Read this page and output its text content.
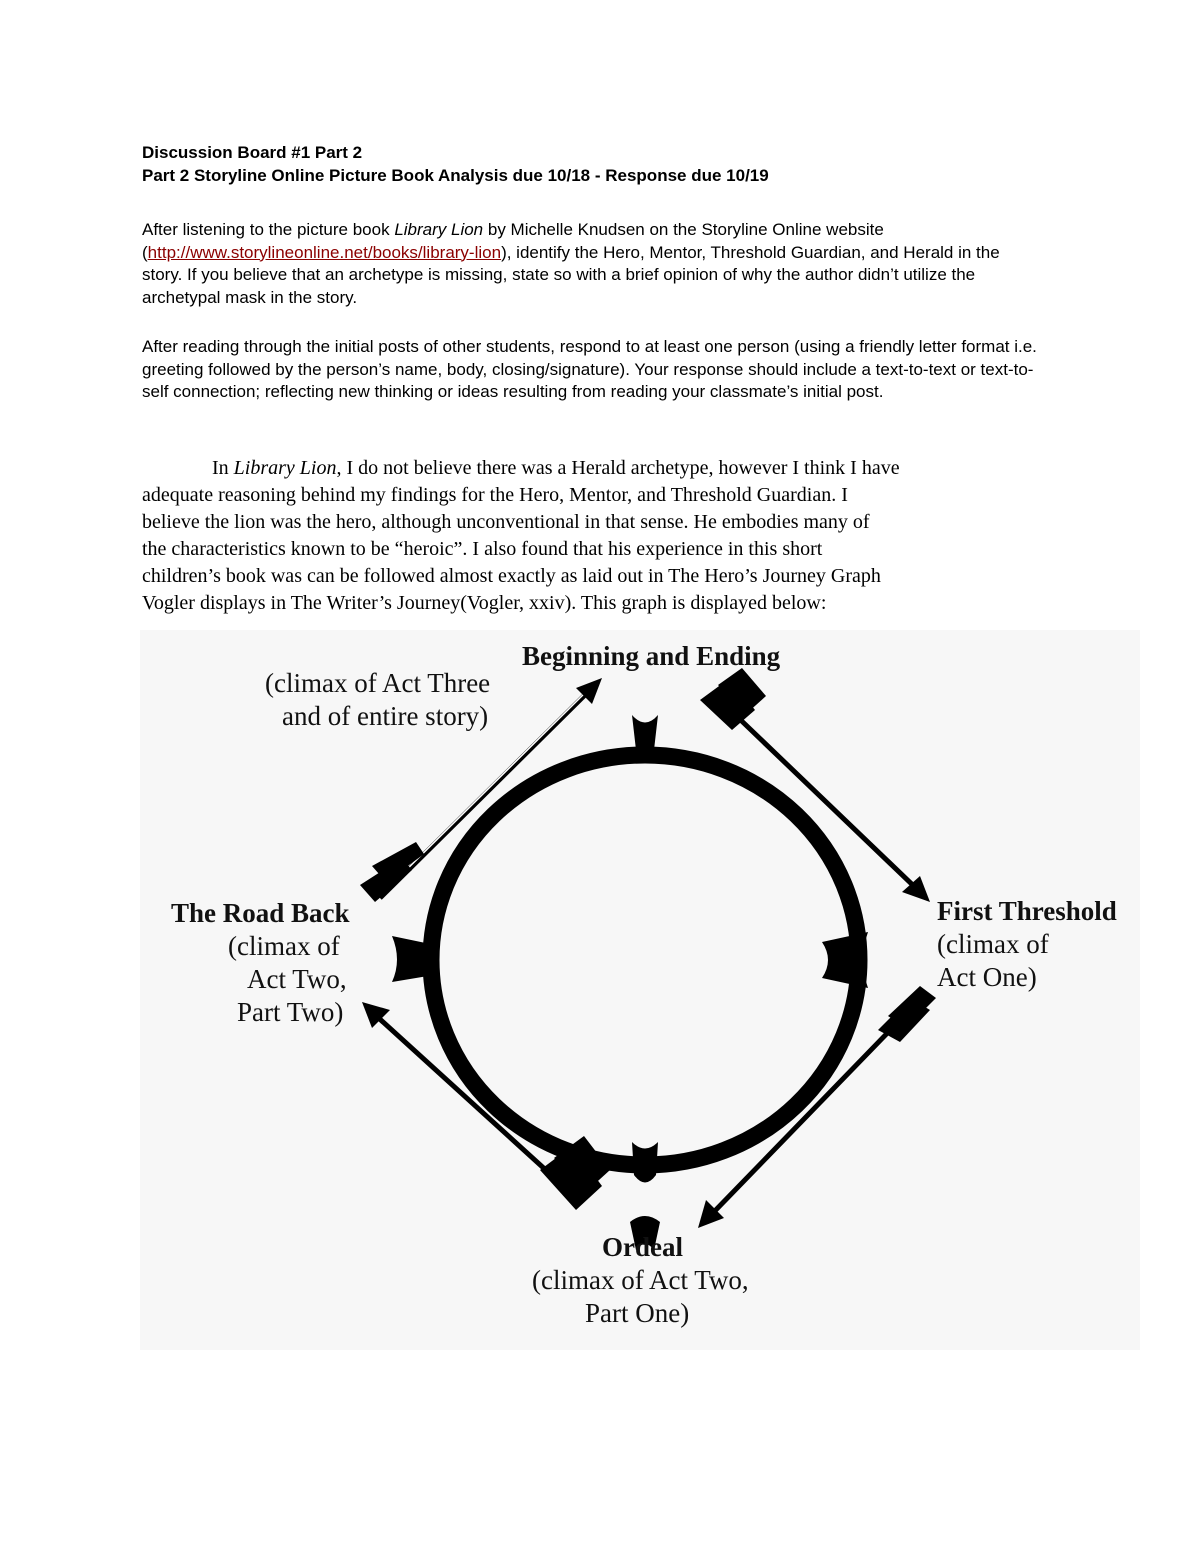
Discussion Board #1 Part 2
Part 2 Storyline Online Picture Book Analysis due 10/18 - Response due 10/19
After listening to the picture book Library Lion by Michelle Knudsen on the Storyline Online website (http://www.storylineonline.net/books/library-lion), identify the Hero, Mentor, Threshold Guardian, and Herald in the story. If you believe that an archetype is missing, state so with a brief opinion of why the author didn’t utilize the archetypal mask in the story.
After reading through the initial posts of other students, respond to at least one person (using a friendly letter format i.e. greeting followed by the person’s name, body, closing/signature). Your response should include a text-to-text or text-to-self connection; reflecting new thinking or ideas resulting from reading your classmate’s initial post.
In Library Lion, I do not believe there was a Herald archetype, however I think I have
adequate reasoning behind my findings for the Hero, Mentor, and Threshold Guardian. I
believe the lion was the hero, although unconventional in that sense. He embodies many of
the characteristics known to be “heroic”. I also found that his experience in this short
children’s book was can be followed almost exactly as laid out in The Hero’s Journey Graph
Vogler displays in The Writer’s Journey(Vogler, xxiv). This graph is displayed below:
Beginning and Ending
(climax of Act Three
and of entire story)
First Threshold
(climax of
Act One)
Ordeal
(climax of Act Two,
Part One)
The Road Back
(climax of
Act Two,
Part Two)
